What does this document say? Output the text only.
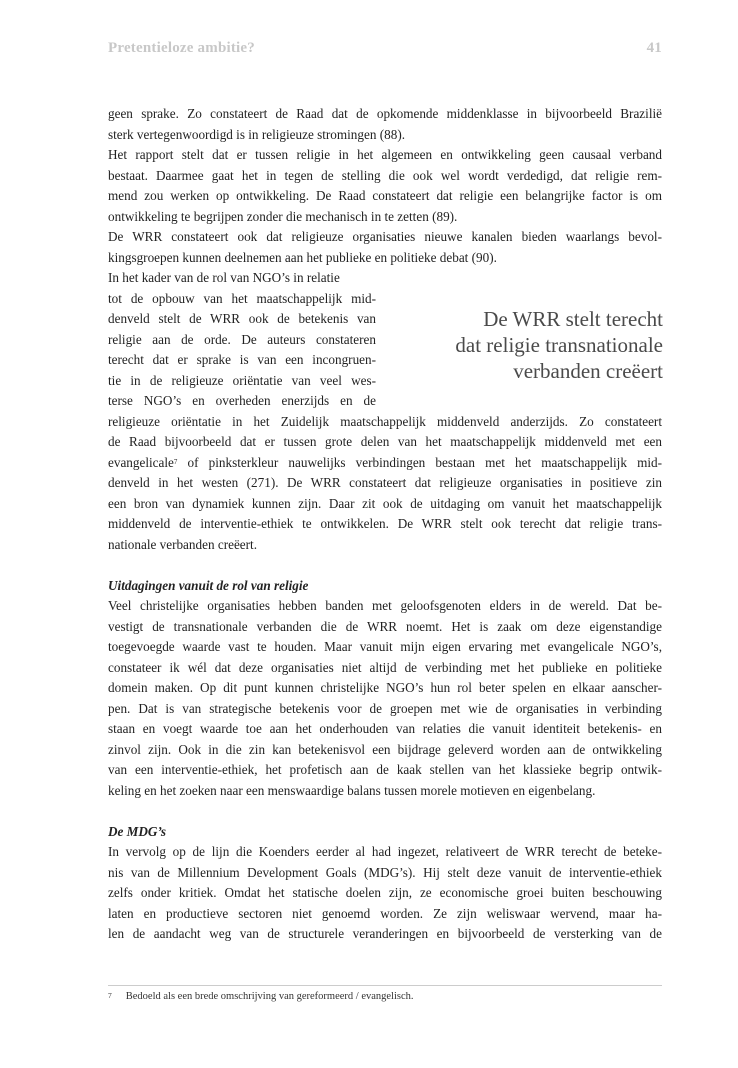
Pretentieloze ambitie?	41
geen sprake. Zo constateert de Raad dat de opkomende middenklasse in bijvoorbeeld Brazilië
sterk vertegenwoordigd is in religieuze stromingen (88).
Het rapport stelt dat er tussen religie in het algemeen en ontwikkeling geen causaal verband
bestaat. Daarmee gaat het in tegen de stelling die ook wel wordt verdedigd, dat religie rem-
mend zou werken op ontwikkeling. De Raad constateert dat religie een belangrijke factor is om
ontwikkeling te begrijpen zonder die mechanisch in te zetten (89).
De WRR constateert ook dat religieuze organisaties nieuwe kanalen bieden waarlangs bevol-
kingsgroepen kunnen deelnemen aan het publieke en politieke debat (90).
In het kader van de rol van NGO’s in relatie
tot de opbouw van het maatschappelijk mid-
denveld stelt de WRR ook de betekenis van
religie aan de orde. De auteurs constateren
terecht dat er sprake is van een incongruen-
tie in de religieuze oriëntatie van veel wes-
terse NGO’s en overheden enerzijds en de
religieuze oriëntatie in het Zuidelijk maatschappelijk middenveld anderzijds. Zo constateert
de Raad bijvoorbeeld dat er tussen grote delen van het maatschappelijk middenveld met een
evangelicale$^7$ of pinksterkleur nauwelijks verbindingen bestaan met het maatschappelijk mid-
denveld in het westen (271). De WRR constateert dat religieuze organisaties in positieve zin
een bron van dynamiek kunnen zijn. Daar zit ook de uitdaging om vanuit het maatschappelijk
middenveld de interventie-ethiek te ontwikkelen. De WRR stelt ook terecht dat religie trans-
nationale verbanden creëert.
Uitdagingen vanuit de rol van religie
Veel christelijke organisaties hebben banden met geloofsgenoten elders in de wereld. Dat be-
vestigt de transnationale verbanden die de WRR noemt. Het is zaak om deze eigenstandige
toegevoegde waarde vast te houden. Maar vanuit mijn eigen ervaring met evangelicale NGO’s,
constateer ik wél dat deze organisaties niet altijd de verbinding met het publieke en politieke
domein maken. Op dit punt kunnen christelijke NGO’s hun rol beter spelen en elkaar aanscher-
pen. Dat is van strategische betekenis voor de groepen met wie de organisaties in verbinding
staan en voegt waarde toe aan het onderhouden van relaties die vanuit identiteit betekenis- en
zinvol zijn. Ook in die zin kan betekenisvol een bijdrage geleverd worden aan de ontwikkeling
van een interventie-ethiek, het profetisch aan de kaak stellen van het klassieke begrip ontwik-
keling en het zoeken naar een menswaardige balans tussen morele motieven en eigenbelang.
De MDG’s
In vervolg op de lijn die Koenders eerder al had ingezet, relativeert de WRR terecht de beteke-
nis van de Millennium Development Goals (MDG’s). Hij stelt deze vanuit de interventie-ethiek
zelfs onder kritiek. Omdat het statische doelen zijn, ze economische groei buiten beschouwing
laten en productieve sectoren niet genoemd worden. Ze zijn weliswaar wervend, maar ha-
len de aandacht weg van de structurele veranderingen en bijvoorbeeld de versterking van de
De WRR stelt terecht
dat religie transnationale
verbanden creëert
$^7$ Bedoeld als een brede omschrijving van gereformeerd / evangelisch.
